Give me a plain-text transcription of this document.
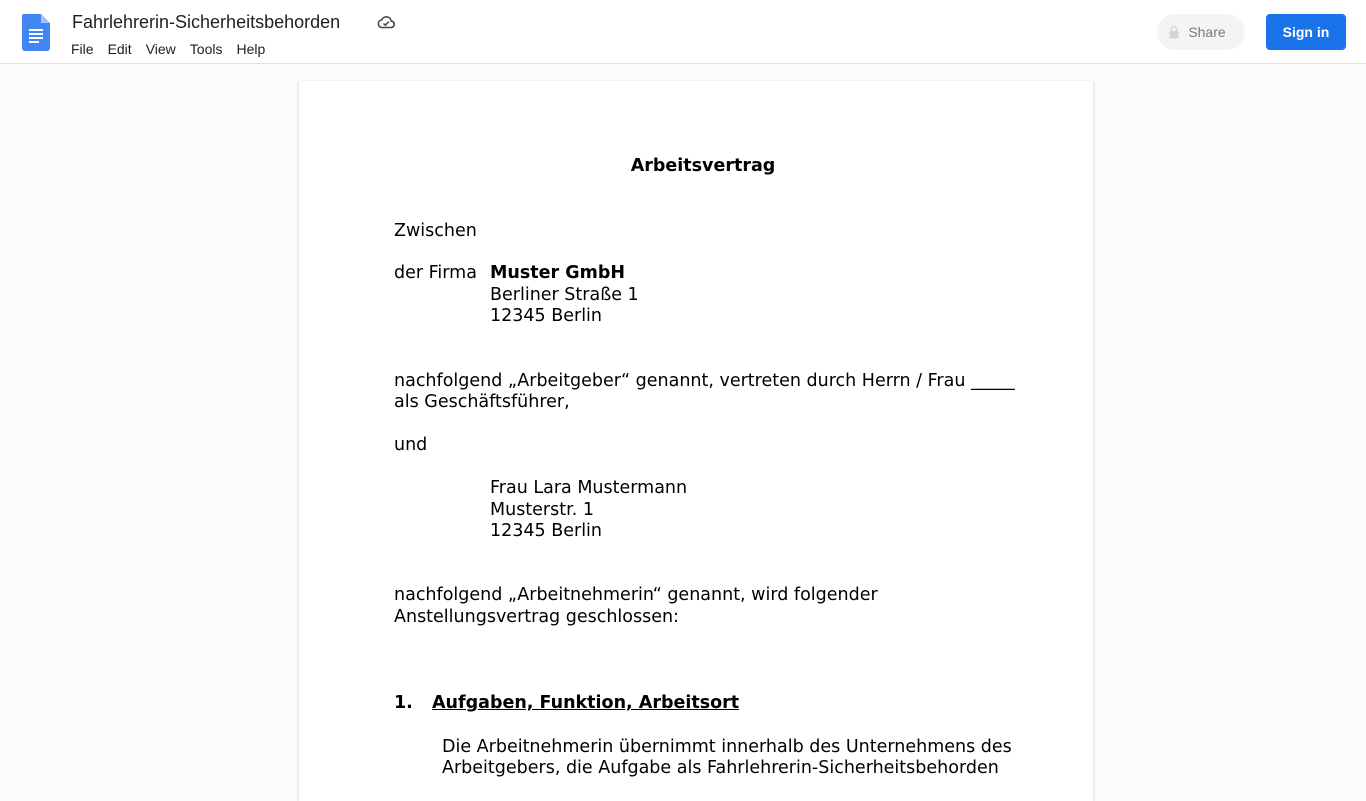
Fahrlehrerin-Sicherheitsbehorden
File	Edit	View	Tools	Help
Share	Sign in
Arbeitsvertrag
Zwischen
der Firma Muster GmbH
Berliner Straße 1
12345 Berlin
nachfolgend „Arbeitgeber“ genannt, vertreten durch Herrn / Frau _____
als Geschäftsführer,
und
Frau Lara Mustermann
Musterstr. 1
12345 Berlin
nachfolgend „Arbeitnehmerin“ genannt, wird folgender
Anstellungsvertrag geschlossen:
1. Aufgaben, Funktion, Arbeitsort
Die Arbeitnehmerin übernimmt innerhalb des Unternehmens des
Arbeitgebers, die Aufgabe als Fahrlehrerin-Sicherheitsbehorden
